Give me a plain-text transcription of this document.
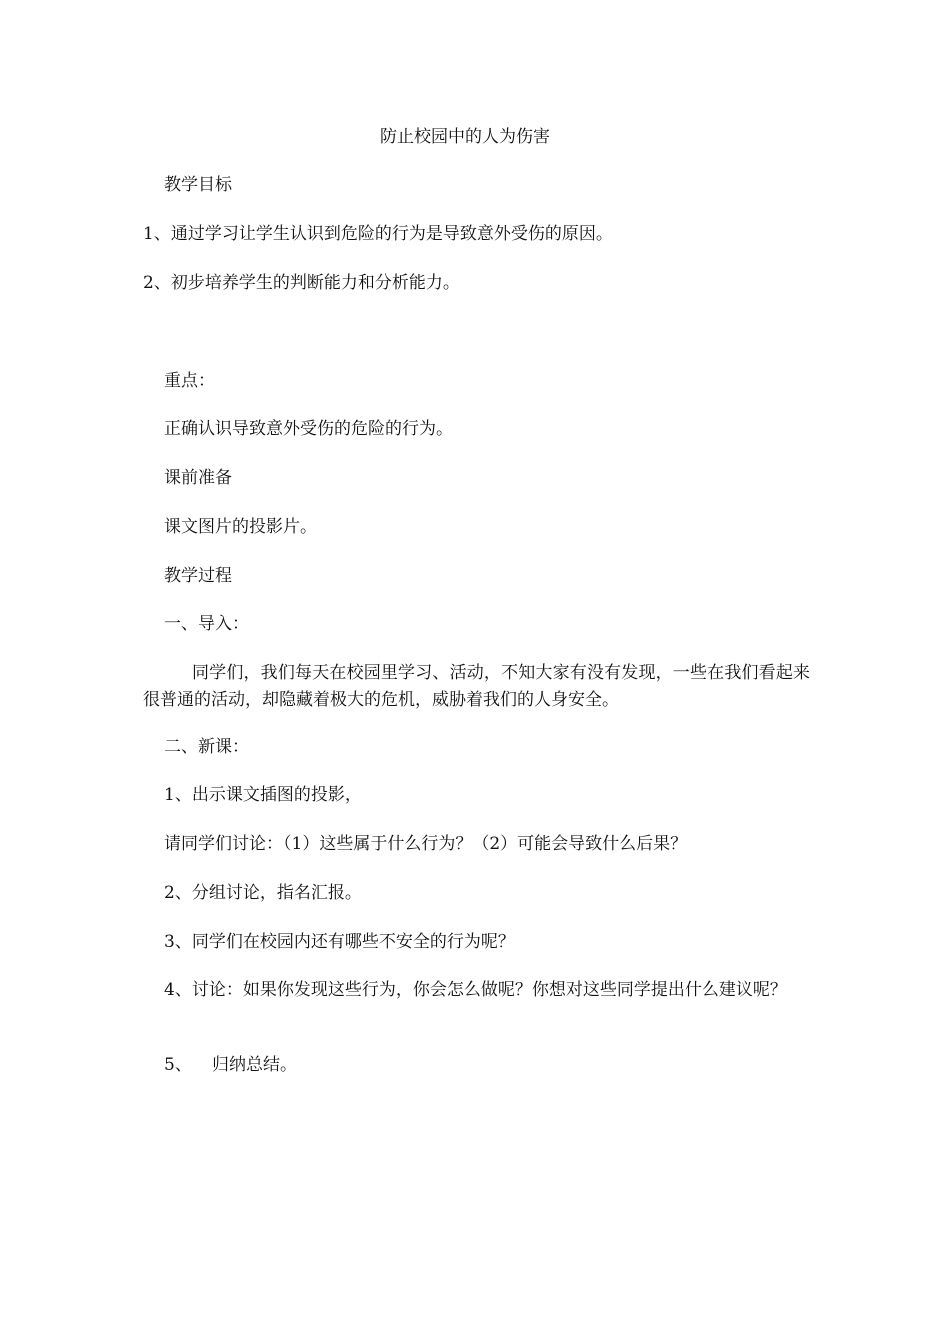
防止校园中的人为伤害
教学目标
1、通过学习让学生认识到危险的行为是导致意外受伤的原因。
2、初步培养学生的判断能力和分析能力。
重点：
正确认识导致意外受伤的危险的行为。
课前准备
课文图片的投影片。
教学过程
一、导入：
同学们，我们每天在校园里学习、活动，不知大家有没有发现，一些在我们看起来很普通的活动，却隐藏着极大的危机，威胁着我们的人身安全。
二、新课：
1、出示课文插图的投影，
请同学们讨论：（1）这些属于什么行为？（2）可能会导致什么后果？
2、分组讨论，指名汇报。
3、同学们在校园内还有哪些不安全的行为呢？
4、讨论：如果你发现这些行为，你会怎么做呢？你想对这些同学提出什么建议呢？
5、 归纳总结。
